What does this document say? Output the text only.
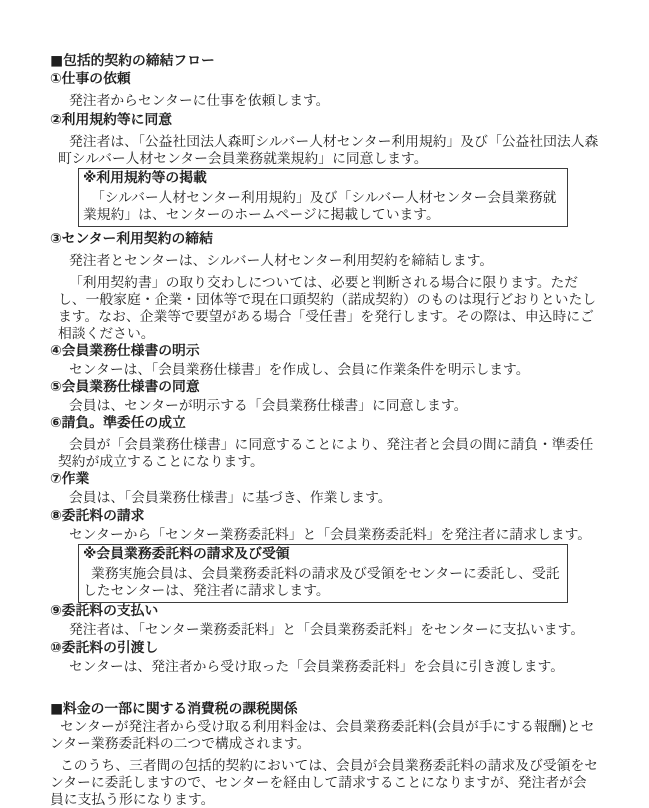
■包括的契約の締結フロー
①仕事の依頼

発注者からセンターに仕事を依頼します。

②利用規約等に同意

発注者は、「公益社団法人森町シルバー人材センター利用規約」及び「公益社団法人森町シルバー人材センター会員業務就業規約」に同意します。

※利用規約等の掲載

「シルバー人材センター利用規約」及び「シルバー人材センター会員業務就業規約」は、センターのホームページに掲載しています。

③センター利用契約の締結

発注者とセンターは、シルバー人材センター利用契約を締結します。

「利用契約書」の取り交わしについては、必要と判断される場合に限ります。ただし、一般家庭・企業・団体等で現在口頭契約（諾成契約）のものは現行どおりといたします。なお、企業等で要望がある場合「受任書」を発行します。その際は、申込時にご相談ください。

④会員業務仕様書の明示

センターは、「会員業務仕様書」を作成し、会員に作業条件を明示します。

⑤会員業務仕様書の同意

会員は、センターが明示する「会員業務仕様書」に同意します。

⑥請負。準委任の成立

会員が「会員業務仕様書」に同意することにより、発注者と会員の間に請負・準委任契約が成立することになります。

⑦作業

会員は、「会員業務仕様書」に基づき、作業します。

⑧委託料の請求

センターから「センター業務委託料」と「会員業務委託料」を発注者に請求します。

※会員業務委託料の請求及び受領

業務実施会員は、会員業務委託料の請求及び受領をセンターに委託し、受託したセンターは、発注者に請求します。

⑨委託料の支払い

発注者は、「センター業務委託料」と「会員業務委託料」をセンターに支払います。

⑩委託料の引渡し

センターは、発注者から受け取った「会員業務委託料」を会員に引き渡します。

■料金の一部に関する消費税の課税関係

センターが発注者から受け取る利用料金は、会員業務委託料(会員が手にする報酬)とセンター業務委託料の二つで構成されます。

このうち、三者間の包括的契約においては、会員が会員業務委託料の請求及び受領をセンターに委託しますので、センターを経由して請求することになりますが、発注者が会員に支払う形になります。
